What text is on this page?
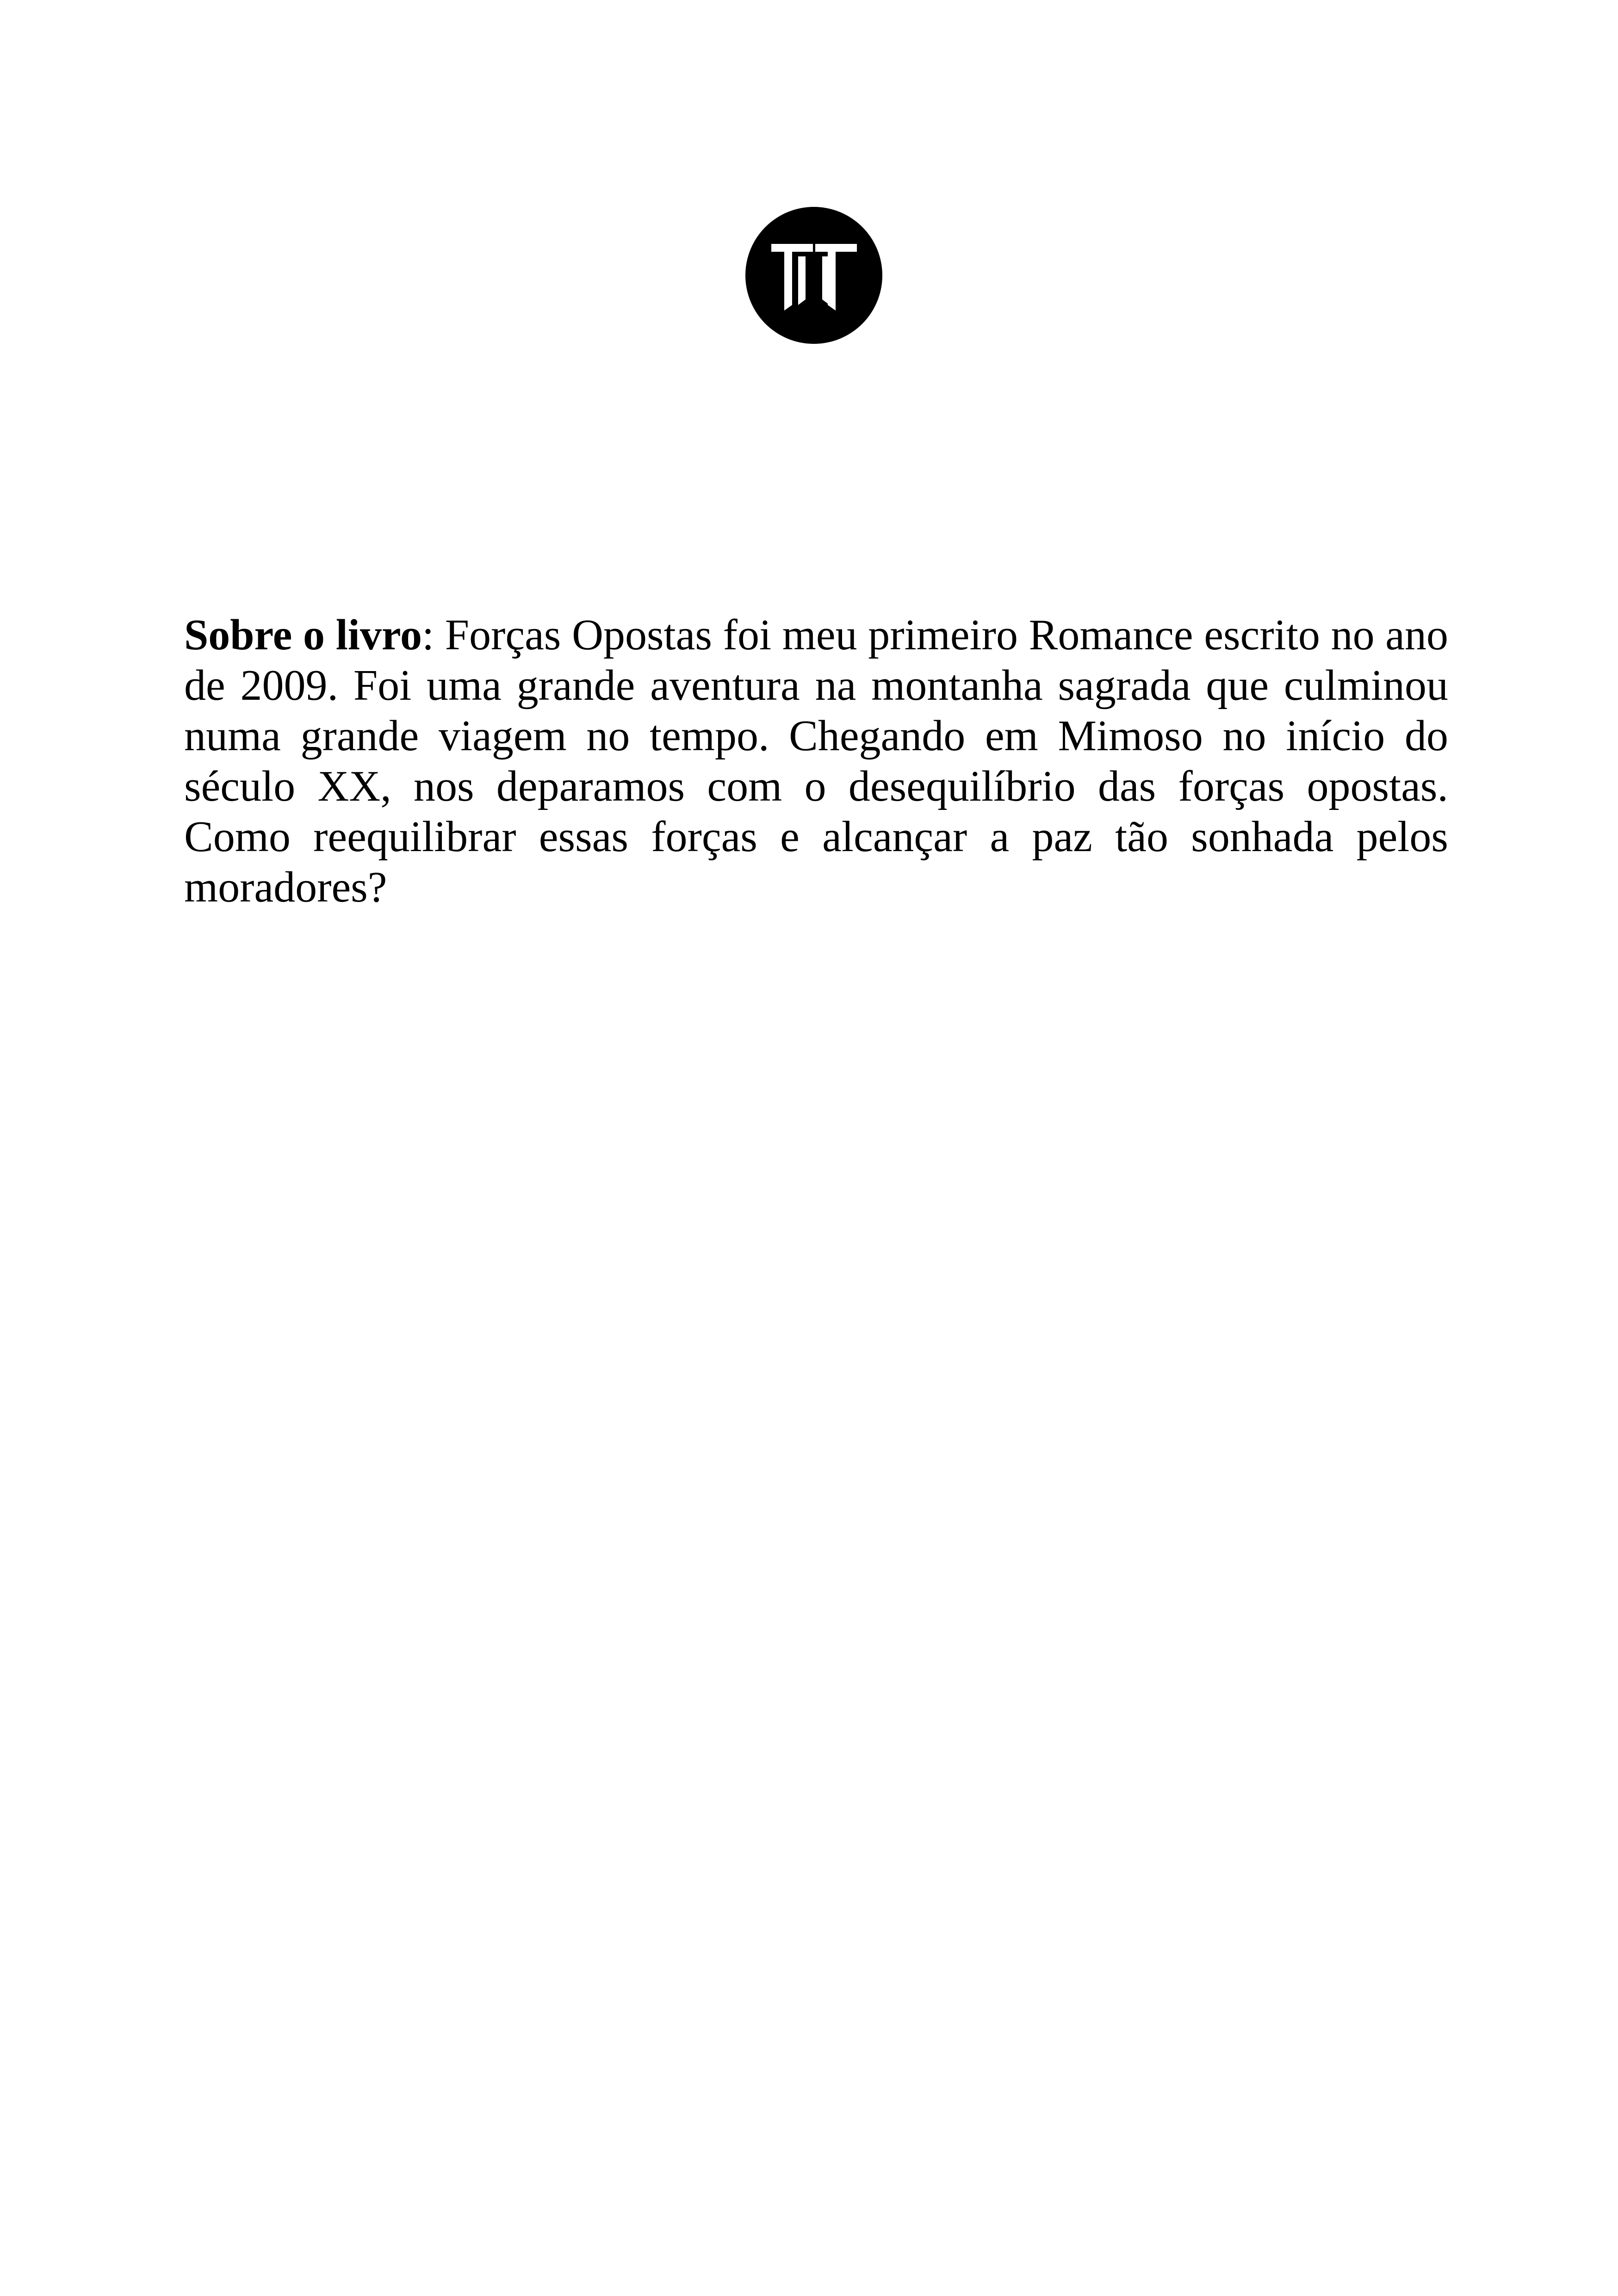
Sobre o livro: Forças Opostas foi meu primeiro Romance escrito no ano de 2009. Foi uma grande aventura na montanha sagrada que culminou numa grande viagem no tempo. Chegando em Mimoso no início do século XX, nos deparamos com o desequilíbrio das forças opostas. Como reequilibrar essas forças e alcançar a paz tão sonhada pelos moradores?
